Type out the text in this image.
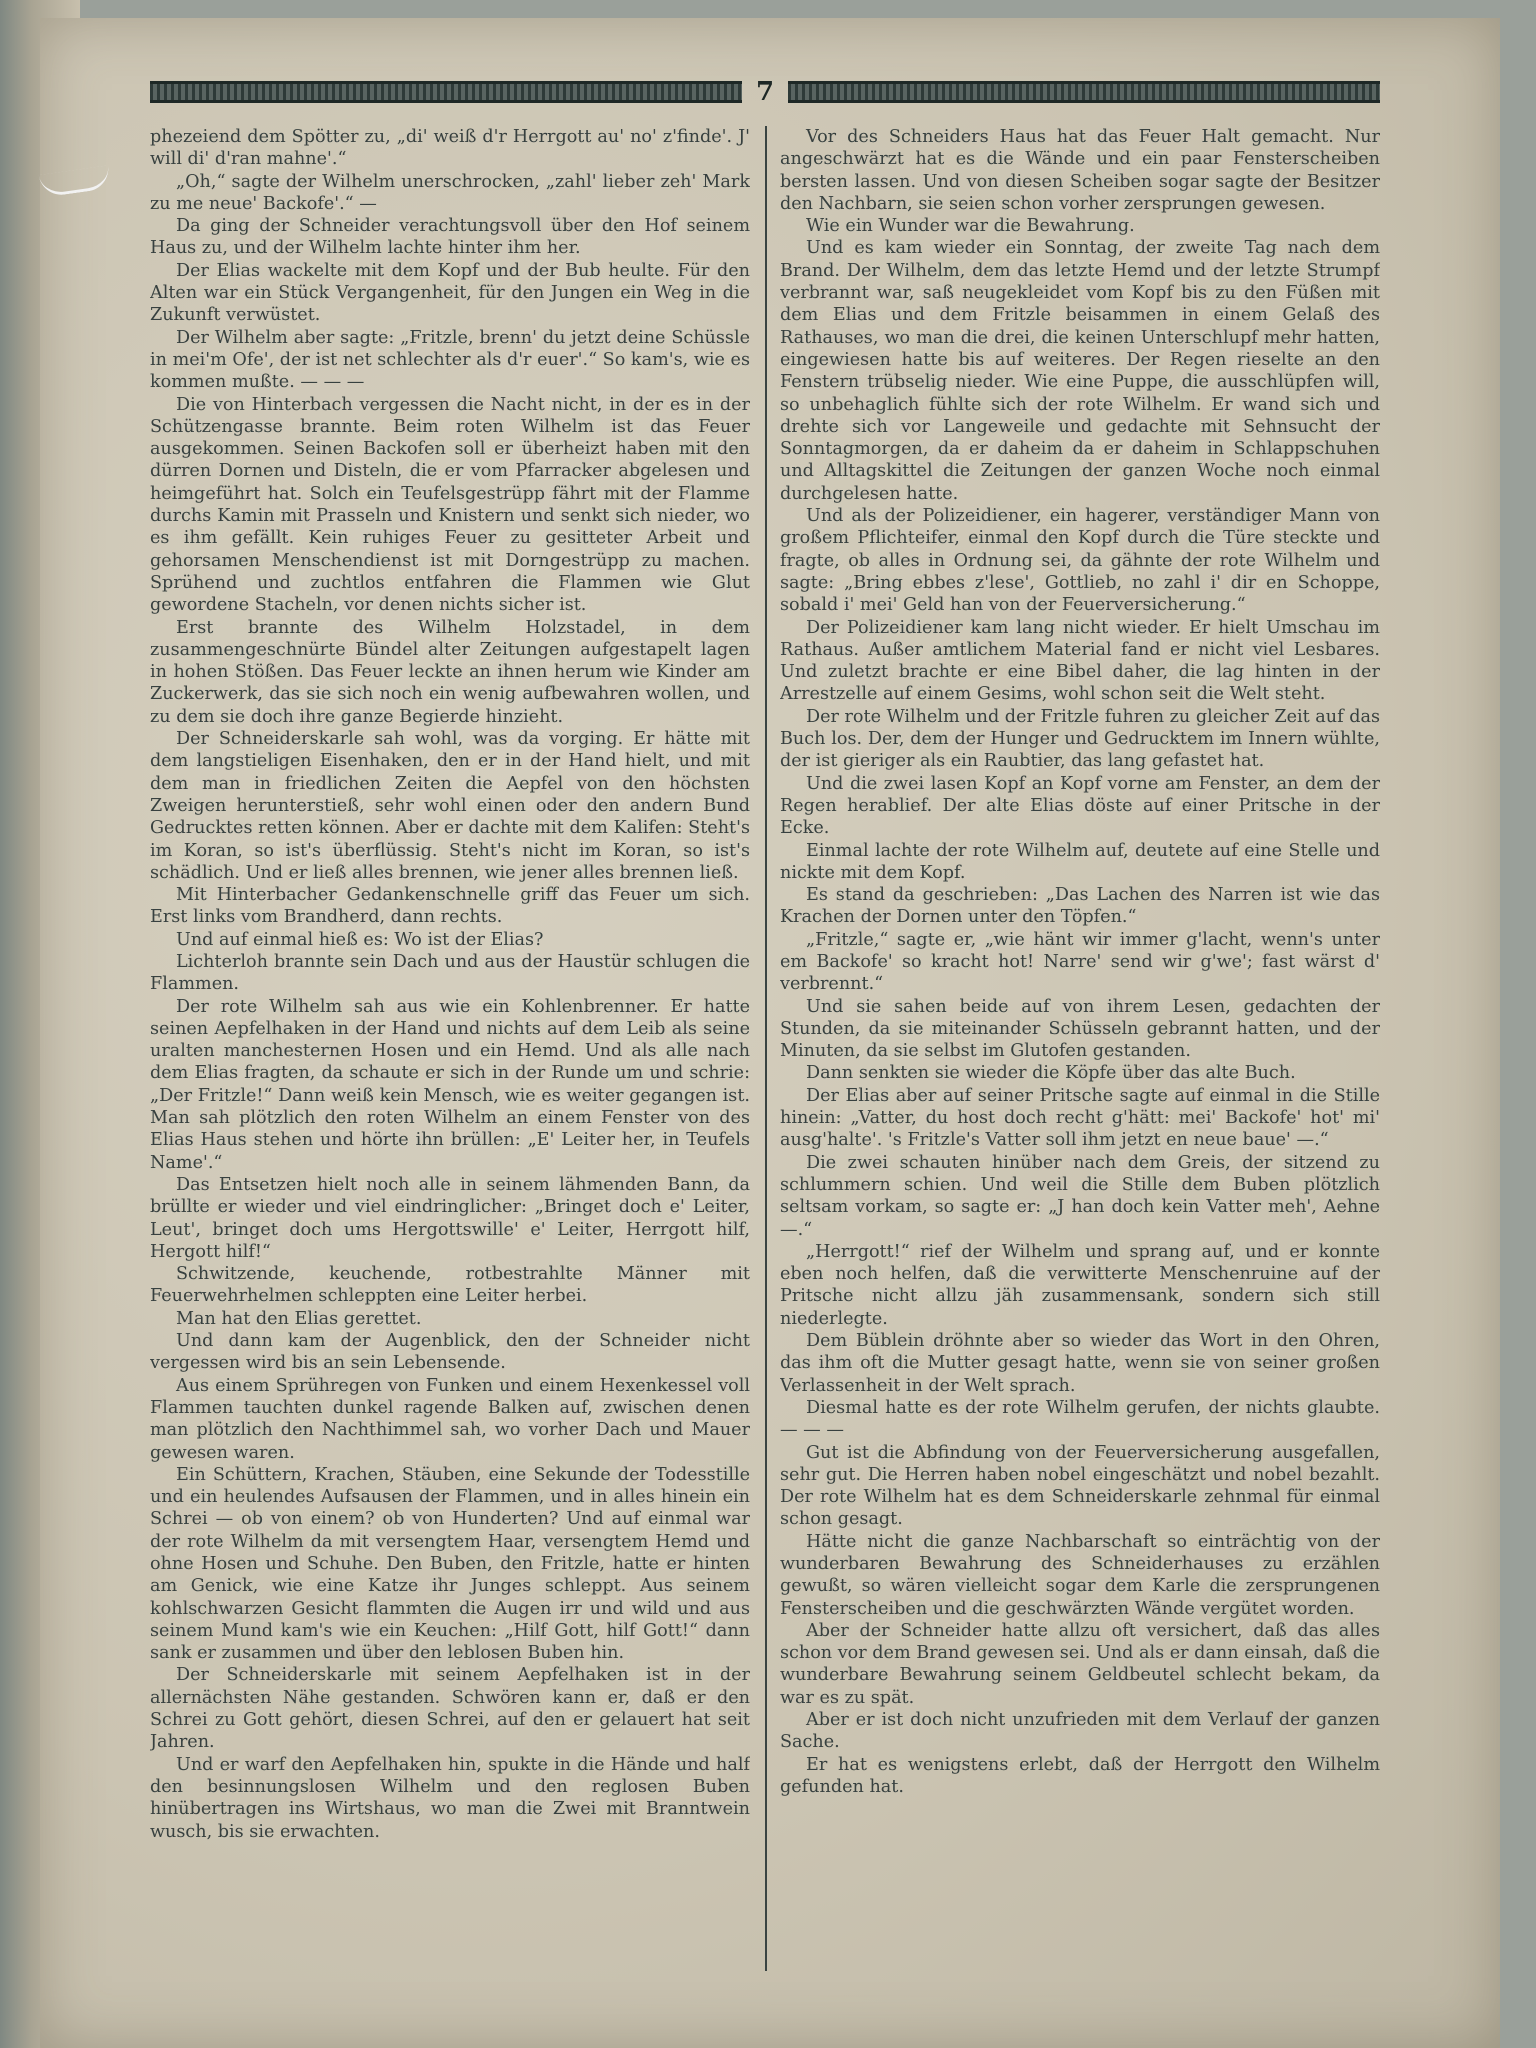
7

phezeiend dem Spötter zu, „di' weiß d'r Herrgott au' no' z'finde'. J' will di' d'ran mahne'.“

„Oh,“ sagte der Wilhelm unerschrocken, „zahl' lieber zeh' Mark zu me neue' Backofe'.“ —

Da ging der Schneider verachtungsvoll über den Hof seinem Haus zu, und der Wilhelm lachte hinter ihm her.

Der Elias wackelte mit dem Kopf und der Bub heulte. Für den Alten war ein Stück Vergangenheit, für den Jungen ein Weg in die Zukunft verwüstet.

Der Wilhelm aber sagte: „Fritzle, brenn' du jetzt deine Schüssle in mei'm Ofe', der ist net schlechter als d'r euer'.“ So kam's, wie es kommen mußte. — — —

Die von Hinterbach vergessen die Nacht nicht, in der es in der Schützengasse brannte. Beim roten Wilhelm ist das Feuer ausgekommen. Seinen Backofen soll er überheizt haben mit den dürren Dornen und Disteln, die er vom Pfarracker abgelesen und heimgeführt hat. Solch ein Teufelsgestrüpp fährt mit der Flamme durchs Kamin mit Prasseln und Knistern und senkt sich nieder, wo es ihm gefällt. Kein ruhiges Feuer zu gesitteter Arbeit und gehorsamen Menschendienst ist mit Dorngestrüpp zu machen. Sprühend und zuchtlos entfahren die Flammen wie Glut gewordene Stacheln, vor denen nichts sicher ist.

Erst brannte des Wilhelm Holzstadel, in dem zusammengeschnürte Bündel alter Zeitungen aufgestapelt lagen in hohen Stößen. Das Feuer leckte an ihnen herum wie Kinder am Zuckerwerk, das sie sich noch ein wenig aufbewahren wollen, und zu dem sie doch ihre ganze Begierde hinzieht.

Der Schneiderskarle sah wohl, was da vorging. Er hätte mit dem langstieligen Eisenhaken, den er in der Hand hielt, und mit dem man in friedlichen Zeiten die Aepfel von den höchsten Zweigen herunterstieß, sehr wohl einen oder den andern Bund Gedrucktes retten können. Aber er dachte mit dem Kalifen: Steht's im Koran, so ist's überflüssig. Steht's nicht im Koran, so ist's schädlich. Und er ließ alles brennen, wie jener alles brennen ließ.

Mit Hinterbacher Gedankenschnelle griff das Feuer um sich. Erst links vom Brandherd, dann rechts.

Und auf einmal hieß es: Wo ist der Elias?

Lichterloh brannte sein Dach und aus der Haustür schlugen die Flammen.

Der rote Wilhelm sah aus wie ein Kohlenbrenner. Er hatte seinen Aepfelhaken in der Hand und nichts auf dem Leib als seine uralten manchesternen Hosen und ein Hemd. Und als alle nach dem Elias fragten, da schaute er sich in der Runde um und schrie: „Der Fritzle!“ Dann weiß kein Mensch, wie es weiter gegangen ist. Man sah plötzlich den roten Wilhelm an einem Fenster von des Elias Haus stehen und hörte ihn brüllen: „E' Leiter her, in Teufels Name'.“

Das Entsetzen hielt noch alle in seinem lähmenden Bann, da brüllte er wieder und viel eindringlicher: „Bringet doch e' Leiter, Leut', bringet doch ums Hergottswille' e' Leiter, Herrgott hilf, Hergott hilf!“

Schwitzende, keuchende, rotbestrahlte Männer mit Feuerwehrhelmen schleppten eine Leiter herbei.

Man hat den Elias gerettet.

Und dann kam der Augenblick, den der Schneider nicht vergessen wird bis an sein Lebensende.

Aus einem Sprühregen von Funken und einem Hexenkessel voll Flammen tauchten dunkel ragende Balken auf, zwischen denen man plötzlich den Nachthimmel sah, wo vorher Dach und Mauer gewesen waren.

Ein Schüttern, Krachen, Stäuben, eine Sekunde der Todesstille und ein heulendes Aufsausen der Flammen, und in alles hinein ein Schrei — ob von einem? ob von Hunderten? Und auf einmal war der rote Wilhelm da mit versengtem Haar, versengtem Hemd und ohne Hosen und Schuhe. Den Buben, den Fritzle, hatte er hinten am Genick, wie eine Katze ihr Junges schleppt. Aus seinem kohlschwarzen Gesicht flammten die Augen irr und wild und aus seinem Mund kam's wie ein Keuchen: „Hilf Gott, hilf Gott!“ dann sank er zusammen und über den leblosen Buben hin.

Der Schneiderskarle mit seinem Aepfelhaken ist in der allernächsten Nähe gestanden. Schwören kann er, daß er den Schrei zu Gott gehört, diesen Schrei, auf den er gelauert hat seit Jahren.

Und er warf den Aepfelhaken hin, spukte in die Hände und half den besinnungslosen Wilhelm und den reglosen Buben hinübertragen ins Wirtshaus, wo man die Zwei mit Branntwein wusch, bis sie erwachten.

Vor des Schneiders Haus hat das Feuer Halt gemacht. Nur angeschwärzt hat es die Wände und ein paar Fensterscheiben bersten lassen. Und von diesen Scheiben sogar sagte der Besitzer den Nachbarn, sie seien schon vorher zersprungen gewesen.

Wie ein Wunder war die Bewahrung.

Und es kam wieder ein Sonntag, der zweite Tag nach dem Brand. Der Wilhelm, dem das letzte Hemd und der letzte Strumpf verbrannt war, saß neugekleidet vom Kopf bis zu den Füßen mit dem Elias und dem Fritzle beisammen in einem Gelaß des Rathauses, wo man die drei, die keinen Unterschlupf mehr hatten, eingewiesen hatte bis auf weiteres. Der Regen rieselte an den Fenstern trübselig nieder. Wie eine Puppe, die ausschlüpfen will, so unbehaglich fühlte sich der rote Wilhelm. Er wand sich und drehte sich vor Langeweile und gedachte mit Sehnsucht der Sonntagmorgen, da er daheim da er daheim in Schlappschuhen und Alltagskittel die Zeitungen der ganzen Woche noch einmal durchgelesen hatte.

Und als der Polizeidiener, ein hagerer, verständiger Mann von großem Pflichteifer, einmal den Kopf durch die Türe steckte und fragte, ob alles in Ordnung sei, da gähnte der rote Wilhelm und sagte: „Bring ebbes z'lese', Gottlieb, no zahl i' dir en Schoppe, sobald i' mei' Geld han von der Feuerversicherung.“

Der Polizeidiener kam lang nicht wieder. Er hielt Umschau im Rathaus. Außer amtlichem Material fand er nicht viel Lesbares. Und zuletzt brachte er eine Bibel daher, die lag hinten in der Arrestzelle auf einem Gesims, wohl schon seit die Welt steht.

Der rote Wilhelm und der Fritzle fuhren zu gleicher Zeit auf das Buch los. Der, dem der Hunger und Gedrucktem im Innern wühlte, der ist gieriger als ein Raubtier, das lang gefastet hat.

Und die zwei lasen Kopf an Kopf vorne am Fenster, an dem der Regen herablief. Der alte Elias döste auf einer Pritsche in der Ecke.

Einmal lachte der rote Wilhelm auf, deutete auf eine Stelle und nickte mit dem Kopf.

Es stand da geschrieben: „Das Lachen des Narren ist wie das Krachen der Dornen unter den Töpfen.“

„Fritzle,“ sagte er, „wie hänt wir immer g'lacht, wenn's unter em Backofe' so kracht hot! Narre' send wir g'we'; fast wärst d' verbrennt.“

Und sie sahen beide auf von ihrem Lesen, gedachten der Stunden, da sie miteinander Schüsseln gebrannt hatten, und der Minuten, da sie selbst im Glutofen gestanden.

Dann senkten sie wieder die Köpfe über das alte Buch.

Der Elias aber auf seiner Pritsche sagte auf einmal in die Stille hinein: „Vatter, du host doch recht g'hätt: mei' Backofe' hot' mi' ausg'halte'. 's Fritzle's Vatter soll ihm jetzt en neue baue' —.“

Die zwei schauten hinüber nach dem Greis, der sitzend zu schlummern schien. Und weil die Stille dem Buben plötzlich seltsam vorkam, so sagte er: „J han doch kein Vatter meh', Aehne —.“

„Herrgott!“ rief der Wilhelm und sprang auf, und er konnte eben noch helfen, daß die verwitterte Menschenruine auf der Pritsche nicht allzu jäh zusammensank, sondern sich still niederlegte.

Dem Büblein dröhnte aber so wieder das Wort in den Ohren, das ihm oft die Mutter gesagt hatte, wenn sie von seiner großen Verlassenheit in der Welt sprach.

Diesmal hatte es der rote Wilhelm gerufen, der nichts glaubte. — — —

Gut ist die Abfindung von der Feuerversicherung ausgefallen, sehr gut. Die Herren haben nobel eingeschätzt und nobel bezahlt. Der rote Wilhelm hat es dem Schneiderskarle zehnmal für einmal schon gesagt.

Hätte nicht die ganze Nachbarschaft so einträchtig von der wunderbaren Bewahrung des Schneiderhauses zu erzählen gewußt, so wären vielleicht sogar dem Karle die zersprungenen Fensterscheiben und die geschwärzten Wände vergütet worden.

Aber der Schneider hatte allzu oft versichert, daß das alles schon vor dem Brand gewesen sei. Und als er dann einsah, daß die wunderbare Bewahrung seinem Geldbeutel schlecht bekam, da war es zu spät.

Aber er ist doch nicht unzufrieden mit dem Verlauf der ganzen Sache.

Er hat es wenigstens erlebt, daß der Herrgott den Wilhelm gefunden hat.
